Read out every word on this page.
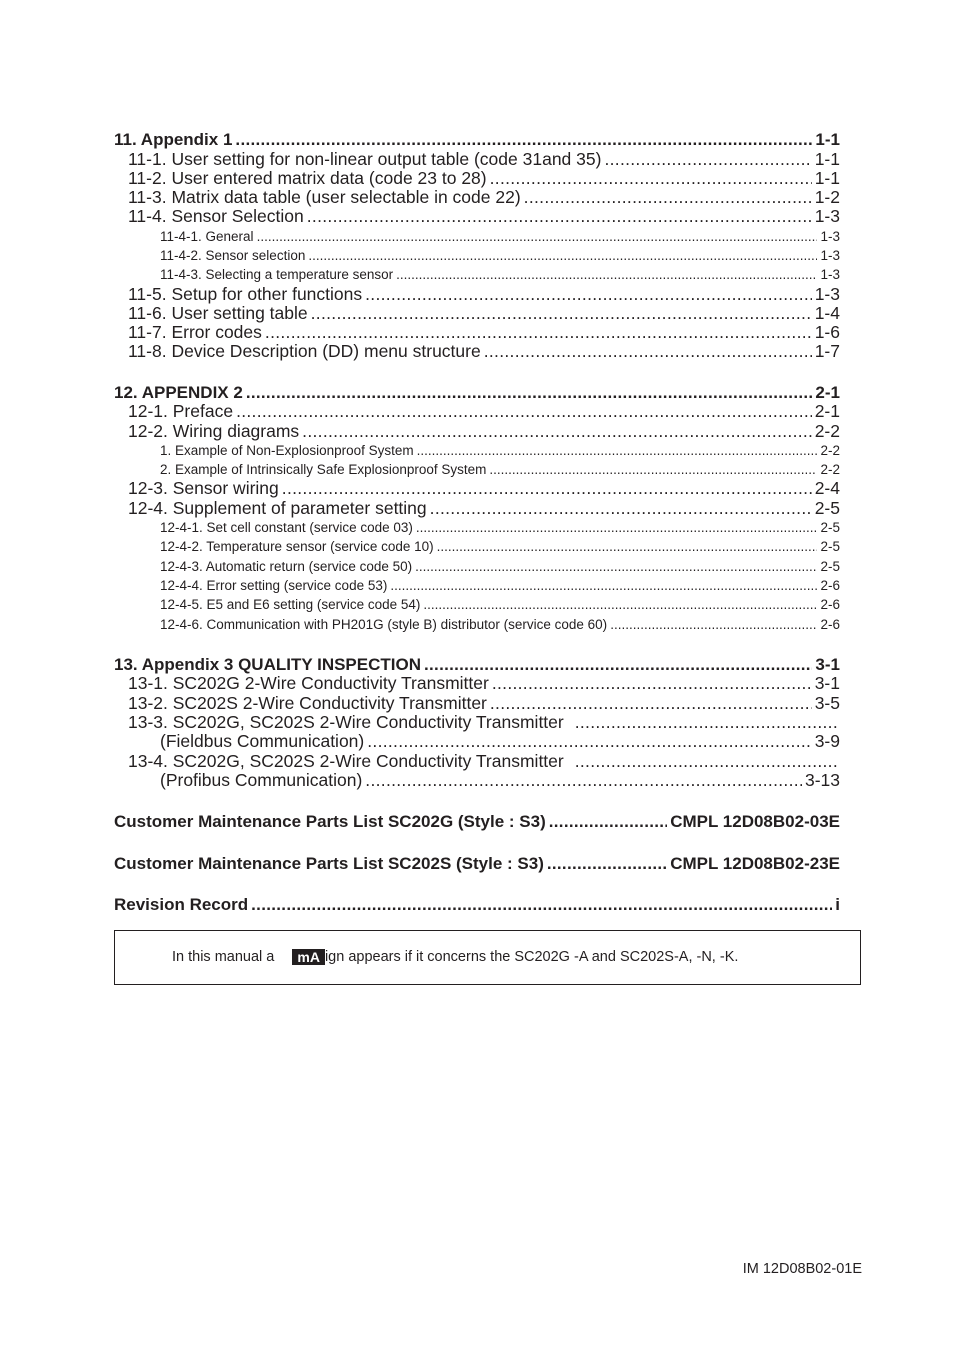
11. Appendix 1 .....	1-1
11-1. User setting for non-linear output table (code 31and 35) .....	1-1
11-2. User entered matrix data (code 23 to 28) .....	1-1
11-3. Matrix data table (user selectable in code 22) .....	1-2
11-4. Sensor Selection .....	1-3
11-4-1. General .....	1-3
11-4-2. Sensor selection .....	1-3
11-4-3. Selecting a temperature sensor .....	1-3
11-5. Setup for other functions .....	1-3
11-6. User setting table .....	1-4
11-7. Error codes .....	1-6
11-8. Device Description (DD) menu structure .....	1-7
12. APPENDIX 2 .....	2-1
12-1. Preface .....	2-1
12-2. Wiring diagrams .....	2-2
1. Example of Non-Explosionproof System .....	2-2
2. Example of Intrinsically Safe Explosionproof System .....	2-2
12-3. Sensor wiring .....	2-4
12-4. Supplement of parameter setting .....	2-5
12-4-1. Set cell constant (service code 03) .....	2-5
12-4-2. Temperature sensor (service code 10) .....	2-5
12-4-3. Automatic return (service code 50) .....	2-5
12-4-4. Error setting (service code 53) .....	2-6
12-4-5. E5 and E6 setting (service code 54) .....	2-6
12-4-6. Communication with PH201G (style B) distributor (service code 60) .....	2-6
13. Appendix 3 QUALITY INSPECTION .....	3-1
13-1. SC202G 2-Wire Conductivity Transmitter .....	3-1
13-2. SC202S 2-Wire Conductivity Transmitter .....	3-5
13-3. SC202G, SC202S 2-Wire Conductivity Transmitter
.....
(Fieldbus Communication) .....	3-9
13-4. SC202G, SC202S 2-Wire Conductivity Transmitter
.....
(Profibus Communication) .....	3-13
Customer Maintenance Parts List SC202G (Style : S3) .....	CMPL 12D08B02-03E
Customer Maintenance Parts List SC202S (Style : S3) .....	CMPL 12D08B02-23E
Revision Record .....	i
In this manual a mA ign appears if it concerns the SC202G -A and SC202S-A, -N, -K.
IM 12D08B02-01E
